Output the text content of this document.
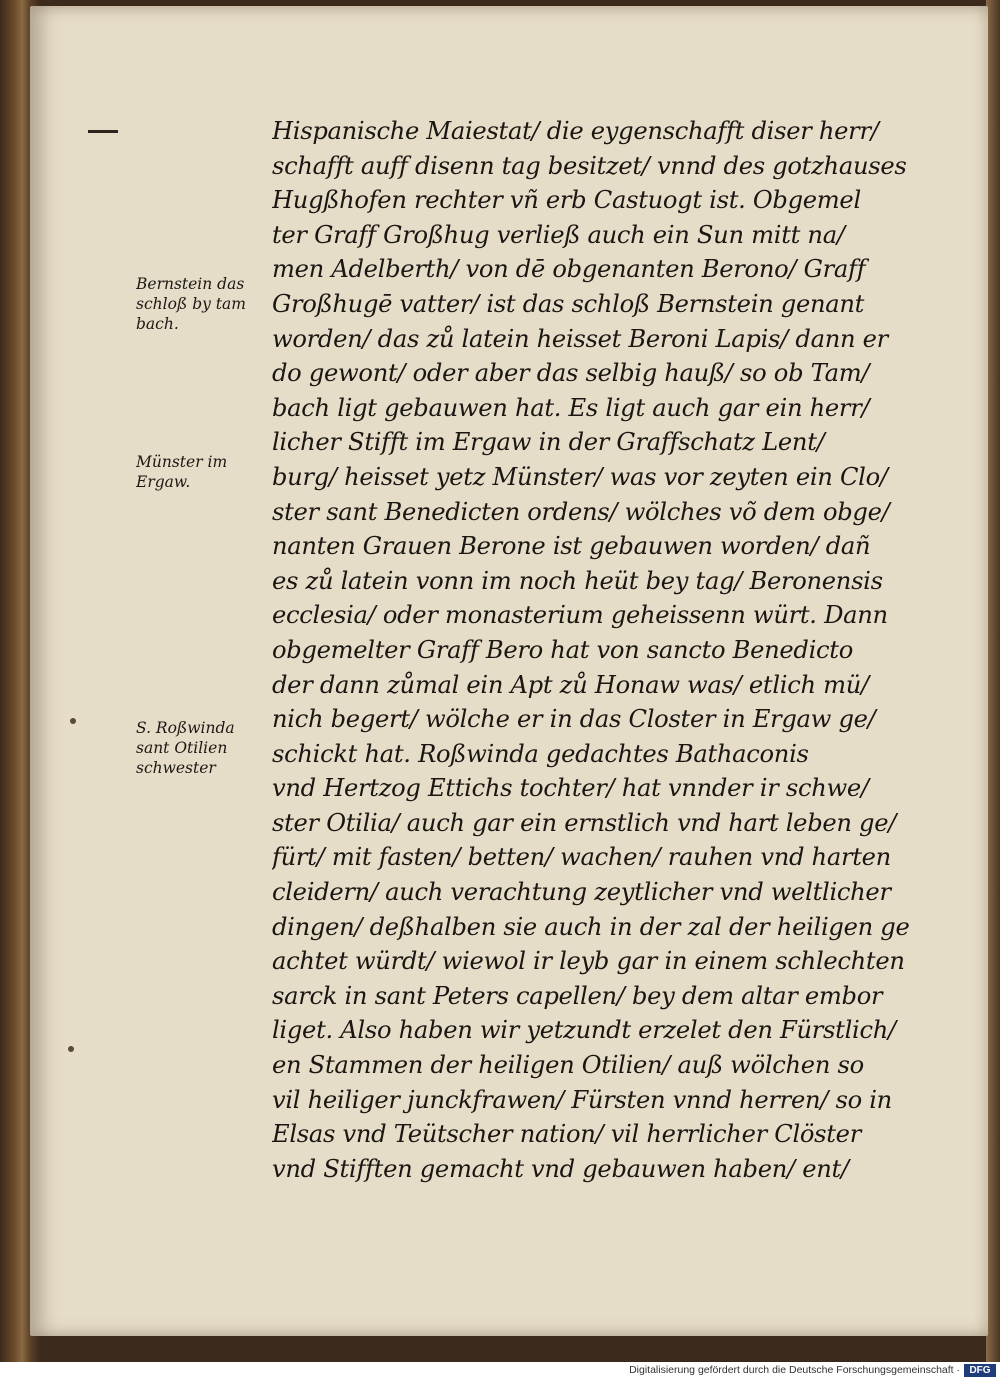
Bernstein das
schloß by tam
bach.
Münster im
Ergaw.
S. Roßwinda
sant Otilien
schwester
Hispanische Maiestat/ die eygenschafft diser herr/
schafft auff disenn tag besitzet/ vnnd des gotzhauses
Hugßhofen rechter vñ erb Castuogt ist. Obgemel
ter Graff Großhug verließ auch ein Sun mitt na/
men Adelberth/ von dē obgenanten Berono/ Graff
Großhugē vatter/ ist das schloß Bernstein genant
worden/ das zů latein heisset Beroni Lapis/ dann er
do gewont/ oder aber das selbig hauß/ so ob Tam/
bach ligt gebauwen hat. Es ligt auch gar ein herr/
licher Stifft im Ergaw in der Graffschatz Lent/
burg/ heisset yetz Münster/ was vor zeyten ein Clo/
ster sant Benedicten ordens/ wölches võ dem obge/
nanten Grauen Berone ist gebauwen worden/ dañ
es zů latein vonn im noch heüt bey tag/ Beronensis
ecclesia/ oder monasterium geheissenn würt. Dann
obgemelter Graff Bero hat von sancto Benedicto
der dann zůmal ein Apt zů Honaw was/ etlich mü/
nich begert/ wölche er in das Closter in Ergaw ge/
schickt hat. Roßwinda gedachtes Bathaconis
vnd Hertzog Ettichs tochter/ hat vnnder ir schwe/
ster Otilia/ auch gar ein ernstlich vnd hart leben ge/
fürt/ mit fasten/ betten/ wachen/ rauhen vnd harten
cleidern/ auch verachtung zeytlicher vnd weltlicher
dingen/ deßhalben sie auch in der zal der heiligen ge
achtet würdt/ wiewol ir leyb gar in einem schlechten
sarck in sant Peters capellen/ bey dem altar embor
liget. Also haben wir yetzundt erzelet den Fürstlich/
en Stammen der heiligen Otilien/ auß wölchen so
vil heiliger junckfrawen/ Fürsten vnnd herren/ so in
Elsas vnd Teütscher nation/ vil herrlicher Clöster
vnd Stifften gemacht vnd gebauwen haben/ ent/
Digitalisierung gefördert durch die Deutsche Forschungsgemeinschaft · DFG
